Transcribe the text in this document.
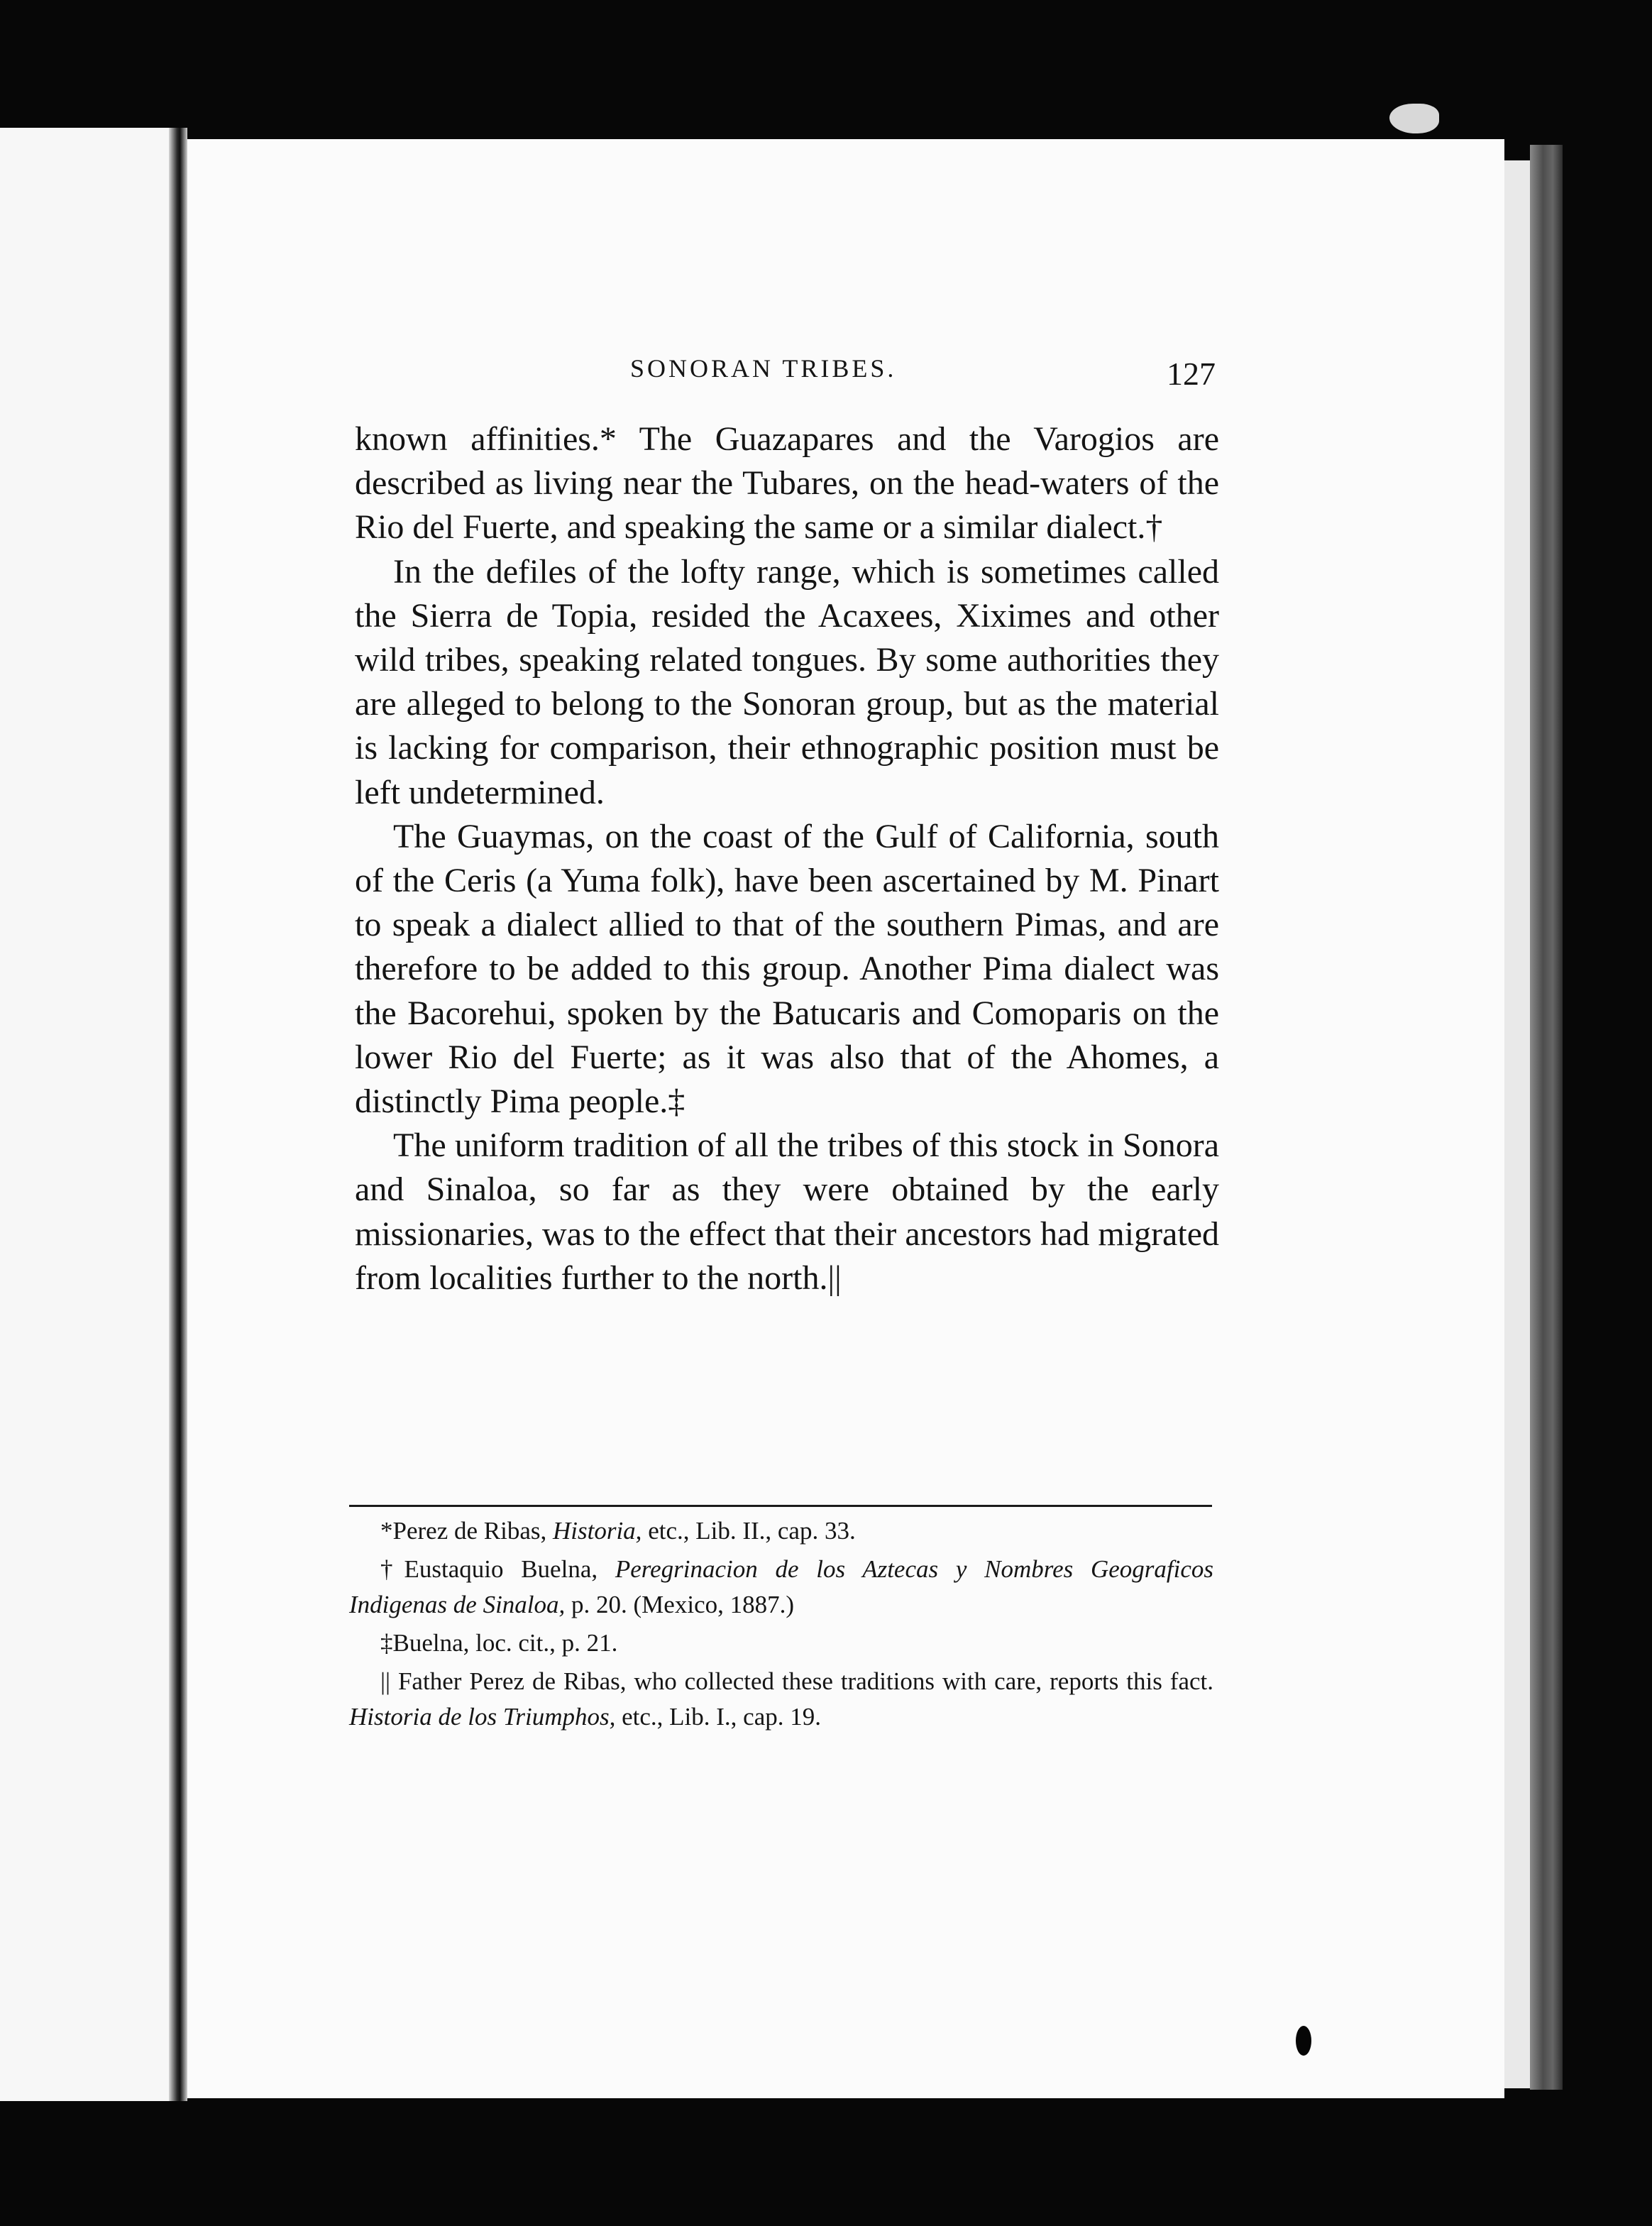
SONORAN TRIBES.	127

known affinities.* The Guazapares and the Varogios are described as living near the Tubares, on the head-waters of the Rio del Fuerte, and speaking the same or a similar dialect.†

In the defiles of the lofty range, which is sometimes called the Sierra de Topia, resided the Acaxees, Xiximes and other wild tribes, speaking related tongues. By some authorities they are alleged to belong to the Sonoran group, but as the material is lacking for comparison, their ethnographic position must be left undetermined.

The Guaymas, on the coast of the Gulf of California, south of the Ceris (a Yuma folk), have been ascertained by M. Pinart to speak a dialect allied to that of the southern Pimas, and are therefore to be added to this group. Another Pima dialect was the Bacorehui, spoken by the Batucaris and Comoparis on the lower Rio del Fuerte; as it was also that of the Ahomes, a distinctly Pima people.‡

The uniform tradition of all the tribes of this stock in Sonora and Sinaloa, so far as they were obtained by the early missionaries, was to the effect that their ancestors had migrated from localities further to the north.||

*Perez de Ribas, Historia, etc., Lib. II., cap. 33.

†Eustaquio Buelna, Peregrinacion de los Aztecas y Nombres Geograficos Indigenas de Sinaloa, p. 20. (Mexico, 1887.)

‡Buelna, loc. cit., p. 21.

|| Father Perez de Ribas, who collected these traditions with care, reports this fact. Historia de los Triumphos, etc., Lib. I., cap. 19.
